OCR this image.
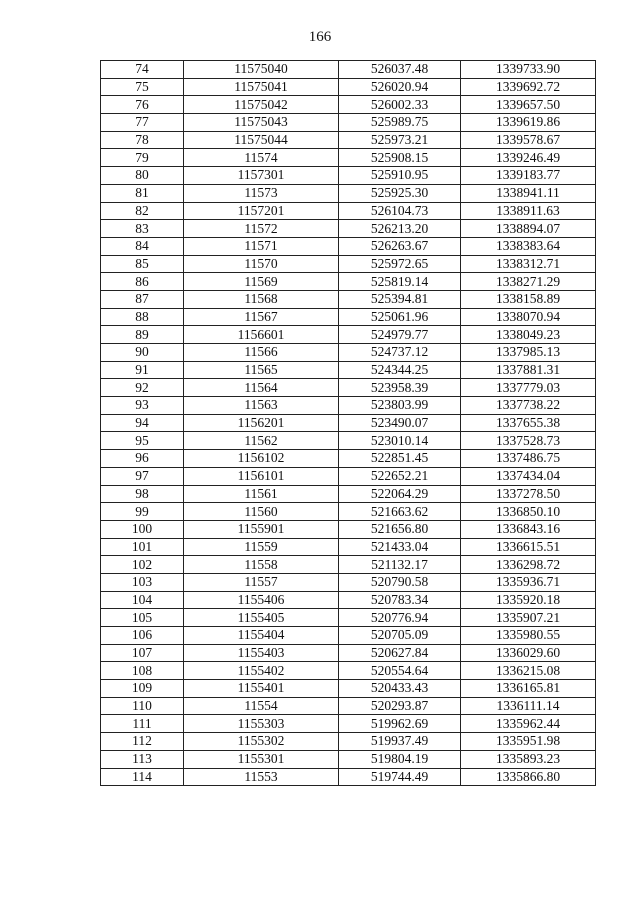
166
74	11575040	526037.48	1339733.90
75	11575041	526020.94	1339692.72
76	11575042	526002.33	1339657.50
77	11575043	525989.75	1339619.86
78	11575044	525973.21	1339578.67
79	11574	525908.15	1339246.49
80	1157301	525910.95	1339183.77
81	11573	525925.30	1338941.11
82	1157201	526104.73	1338911.63
83	11572	526213.20	1338894.07
84	11571	526263.67	1338383.64
85	11570	525972.65	1338312.71
86	11569	525819.14	1338271.29
87	11568	525394.81	1338158.89
88	11567	525061.96	1338070.94
89	1156601	524979.77	1338049.23
90	11566	524737.12	1337985.13
91	11565	524344.25	1337881.31
92	11564	523958.39	1337779.03
93	11563	523803.99	1337738.22
94	1156201	523490.07	1337655.38
95	11562	523010.14	1337528.73
96	1156102	522851.45	1337486.75
97	1156101	522652.21	1337434.04
98	11561	522064.29	1337278.50
99	11560	521663.62	1336850.10
100	1155901	521656.80	1336843.16
101	11559	521433.04	1336615.51
102	11558	521132.17	1336298.72
103	11557	520790.58	1335936.71
104	1155406	520783.34	1335920.18
105	1155405	520776.94	1335907.21
106	1155404	520705.09	1335980.55
107	1155403	520627.84	1336029.60
108	1155402	520554.64	1336215.08
109	1155401	520433.43	1336165.81
110	11554	520293.87	1336111.14
111	1155303	519962.69	1335962.44
112	1155302	519937.49	1335951.98
113	1155301	519804.19	1335893.23
114	11553	519744.49	1335866.80
